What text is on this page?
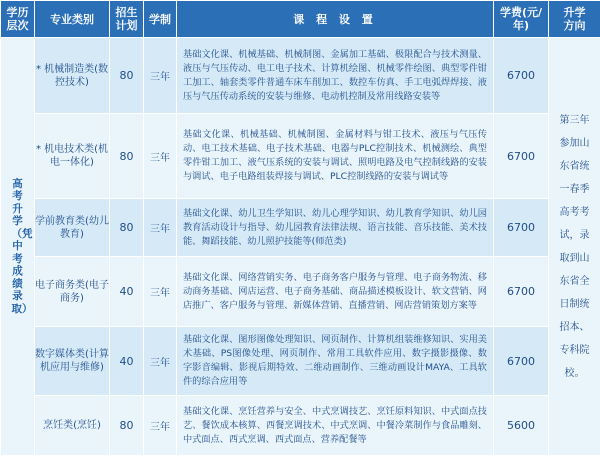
学历层次	专业类别	招生计划	学制	课 程 设 置	学费(元/年)	升学方向
高考升学（凭中考成绩录取）	* 机械制造类(数控技术)	80	三年	基础文化课、机械基础、机械制图、金属加工基础、极限配合与技术测量、液压与气压传动、电工电子技术、计算机绘图、机械零件绘图、典型零件钳工加工、轴套类零件普通车床车削加工、数控车仿真、手工电弧焊焊接、液压与气压传动系统的安装与维修、电动机控制及常用线路安装等	6700	第三年参加山东省统一春季高考考试，录取到山东省全日制统招本、专科院校。
	* 机电技术类(机电一体化)	80	三年	基础文化课、机械基础、机械制图、金属材料与钳工技术、液压与气压传动、电工技术基础、电子技术基础、电器与PLC控制技术、机械测绘、典型零件钳工加工、液气压系统的安装与调试、照明电路及电气控制线路的安装与调试、电子电路组装焊接与调试、PLC控制线路的安装与调试等	6700	
	学前教育类(幼儿教育)	80	三年	基础文化课、幼儿卫生学知识、幼儿心理学知识、幼儿教育学知识、幼儿园教育活动设计与指导、幼儿园教育法律法规、语言技能、音乐技能、美术技能、舞蹈技能、幼儿照护技能等(师范类)	6700	
	电子商务类(电子商务)	40	三年	基础文化课、网络营销实务、电子商务客户服务与管理、电子商务物流、移动商务基础、网店运营、电子商务基础、商品描述模板设计、软文营销、网店推广、客户服务与管理、新媒体营销、直播营销、网店营销策划方案等	6700	
	数字媒体类(计算机应用与维修)	40	三年	基础文化课、图形图像处理知识、网页制作、计算机组装维修知识、实用美术基础、PS图像处理、网页制作、常用工具软件应用、数字摄影摄像、数字影音编辑、影视后期特效、二维动画制作、三维动画设计MAYA、工具软件的综合应用等	6700	
	烹饪类(烹饪)	80	三年	基础文化课、烹饪营养与安全、中式烹调技艺、烹饪原料知识、中式面点技艺、餐饮成本核算、西餐烹调技术、中式烹调、中餐冷菜制作与食品雕刻、中式面点、西式烹调、西式面点、营养配餐等	5600	
